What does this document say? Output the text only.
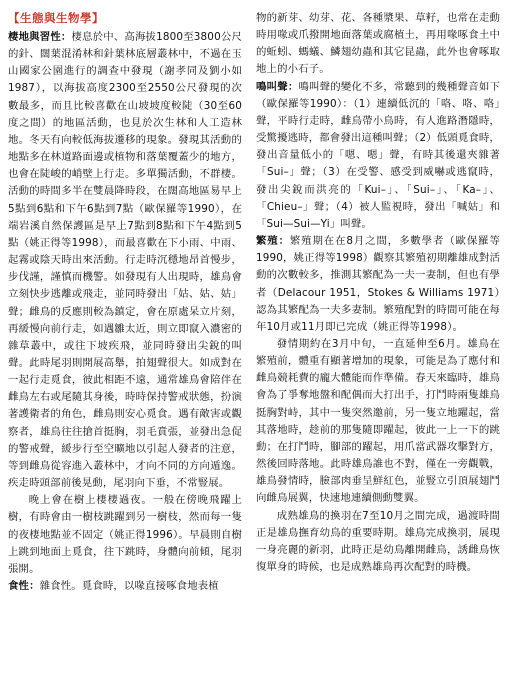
【生態與生物學】

棲地與習性：棲息於中、高海拔1800至3800公尺的針、闊葉混淆林和針葉林底層叢林中，不過在玉山國家公園進行的調查中發現（謝孝同及劉小如1987），以海拔高度2300至2550公尺發現的次數最多，而且比較喜歡在山坡坡度較陡（30至60度之間）的地區活動，也見於次生林和人工造林地。冬天有向較低海拔遷移的現象。發現其活動的地點多在林道路面邊或植物和落葉覆蓋少的地方，也會在陡峻的峭壁上行走。多單獨活動，不群棲。活動的時間多半在雙晨降時段，在闊高地區易早上5點到6點和下午6點到7點（歐保羅等1990），在端岩溪自然保護區是早上7點到8點和下午4點到5點（姚正得等1998），而最喜歡在下小雨、中雨、起霧或陰天時出來活動。行走時沉穩地昂首慢步，步伐謹，謹慎而機警。如發現有人出現時，雄鳥會立刻快步逃離或飛走，並同時發出「姑、姑、姑」聲；雌鳥的反應則較為鎮定，會在原處呆立片刻，再緩慢向前行走，如遇雛太近，則立即竄入濃密的雜草叢中，或往下坡疾飛，並同時發出尖銳的叫聲。此時尾羽則開展高舉，拍翅聲很大。如成對在一起行走覓食，彼此相距不遠，通常雄鳥會陪伴在雌鳥左右或尾隨其身後，時時保持警戒狀態，扮演著護衛者的角色，雌鳥則安心覓食。遇有敵害或觀察者，雄鳥往往搶首挺胸，羽毛賁張，並發出急促的警戒聲，緩步行至空曠地以引起人發者的注意，等到雌鳥從容進入叢林中，才向不同的方向遁逸。疾走時頭部前後晃動，尾羽向下垂，不常豎展。

晚上會在樹上棲棲過夜。一般在傍晚飛躍上樹，有時會由一樹枝跳躍到另一樹枝，然而每一隻的夜棲地點並不固定（姚正得1996）。早晨則自樹上跳到地面上覓食，往下跳時，身體向前傾，尾羽張開。

食性：雜食性。覓食時，以喙直接啄食地表植

物的新芽、幼芽、花、各種漿果、草籽，也常在走動時用喙或爪撥開地面落葉或腐植土，再用喙啄食土中的蚯蚓、螞蟻、鱗翅幼蟲和其它昆蟲，此外也會啄取地上的小石子。

鳴叫聲：鳴叫聲的變化不多，常聽到的幾種聲音如下（歐保羅等1990）：（1）連續低沉的「咯、咯、咯」聲，平時行走時，雌鳥帶小鳥時，有人進路潛隱時，受驚擾逃時，都會發出這種叫聲；（2）低頭覓食時，發出音量低小的「嗯、嗯」聲，有時其後還夾雜著「Sui–」聲；（3）在受警、感受到威嚇或逃竄時，發出尖銳而洪亮的「Kui–」、「Sui–」、「Ka–」、「Chieu–」聲；（4）被人監視時，發出「喊姑」和「Sui—Sui—Yi」叫聲。

繁殖：繁殖期在在8月之間，多數學者（歐保羅等1990，姚正得等1998）觀察其繁殖初期離雄成對活動的次數較多，推測其繁配為一夫一妻制，但也有學者（Delacour 1951，Stokes & Williams 1971）認為其繁配為一夫多妻制。繁殖配對的時間可能在每年10月或11月即已完成（姚正得等1998）。

發情期約在3月中旬，一直延伸至6月。雄鳥在繁殖前，體重有顯著增加的現象，可能是為了應付和雌鳥競耗費的龐大體能而作準備。春天來臨時，雄鳥會為了爭奪地盤和配偶而大打出手，打鬥時兩隻雄鳥挺胸對峙，其中一隻突然邀前，另一隻立地躍起，當其落地時，趁前的那隻隨即躍起，彼此一上一下的跳動；在打鬥時，腳部的躍起，用爪當武器攻擊對方，然後回時落地。此時雄鳥誰也不對，僅在一旁觀戰，雄鳥發情時，臉部肉垂呈鮮紅色，並豎立引頂展翅鬥向雌鳥展翼，快速地連續側動雙翼。

成熟雄鳥的換羽在7至10月之間完成，過渡時間正是雄鳥撫育幼鳥的重要時期。雄鳥完成換羽，展現一身亮麗的新羽，此時正是幼鳥離開雌鳥，誘雌鳥恢復單身的時候，也是成熟雄鳥再次配對的時機。
